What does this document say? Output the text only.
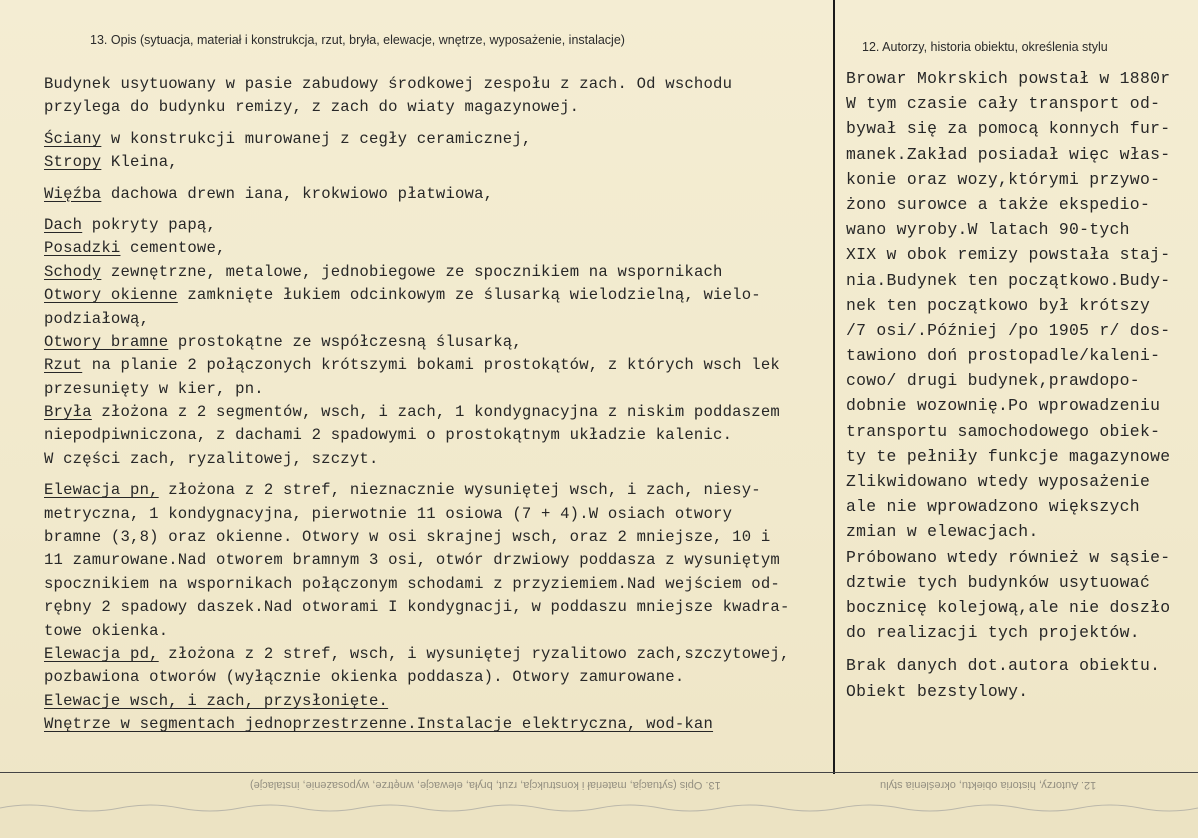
13. Opis (sytuacja, materiał i konstrukcja, rzut, bryła, elewacje, wnętrze, wyposażenie, instalacje)	12. Autorzy, historia obiektu, określenia stylu
Budynek usytuowany w pasie zabudowy środkowej zespołu z zach. Od wschodu
przylega do budynku remizy, z zach do wiaty magazynowej.
Ściany w konstrukcji murowanej z cegły ceramicznej,
Stropy Kleina,
Więźba dachowa drewn iana, krokwiowo płatwiowa,
Dach pokryty papą,
Posadzki cementowe,
Schody zewnętrzne, metalowe, jednobiegowe ze spocznikiem na wspornikach
Otwory okienne zamknięte łukiem odcinkowym ze ślusarką wielodzielną, wielo-
podziałową,
Otwory bramne prostokątne ze współczesną ślusarką,
Rzut na planie 2 połączonych krótszymi bokami prostokątów, z których wsch lek
przesunięty w kier, pn.
Bryła złożona z 2 segmentów, wsch, i zach, 1 kondygnacyjna z niskim poddaszem
niepodpiwniczona, z dachami 2 spadowymi o prostokątnym układzie kalenic.
W części zach, ryzalitowej, szczyt.
Elewacja pn, złożona z 2 stref, nieznacznie wysuniętej wsch, i zach, niesy-
metryczna, 1 kondygnacyjna, pierwotnie 11 osiowa (7 + 4).W osiach otwory
bramne (3,8) oraz okienne. Otwory w osi skrajnej wsch, oraz 2 mniejsze, 10 i
11 zamurowane.Nad otworem bramnym 3 osi, otwór drzwiowy poddasza z wysuniętym
spocznikiem na wspornikach połączonym schodami z przyziemiem.Nad wejściem od-
rębny 2 spadowy daszek.Nad otworami I kondygnacji, w poddaszu mniejsze kwadra-
towe okienka.
Elewacja pd, złożona z 2 stref, wsch, i wysuniętej ryzalitowo zach,szczytowej,
pozbawiona otworów (wyłącznie okienka poddasza). Otwory zamurowane.
Elewacje wsch, i zach, przysłonięte.
Wnętrze w segmentach jednoprzestrzenne.Instalacje elektryczna, wod-kan
Browar Mokrskich powstał w 1880r
W tym czasie cały transport od-
bywał się za pomocą konnych fur-
manek.Zakład posiadał więc włas-
konie oraz wozy,którymi przywo-
żono surowce a także ekspedio-
wano wyroby.W latach 90-tych
XIX w obok remizy powstała staj-
nia.Budynek ten początkowo.Budy-
nek ten początkowo był krótszy
/7 osi/.Później /po 1905 r/ dos-
tawiono doń prostopadle/kaleni-
cowo/ drugi budynek,prawdopo-
dobnie wozownię.Po wprowadzeniu
transportu samochodowego obiek-
ty te pełniły funkcje magazynowe
Zlikwidowano wtedy wyposażenie
ale nie wprowadzono większych
zmian w elewacjach.
Próbowano wtedy również w sąsie-
dztwie tych budynków usytuować
bocznicę kolejową,ale nie doszło
do realizacji tych projektów.
Brak danych dot.autora obiektu.
Obiekt bezstylowy.
13. Opis (sytuacja, materiał i konstrukcja, rzut, bryła, elewacje, wnętrze, wyposażenie, instalacje)	12. Autorzy, historia obiektu, określenia stylu
